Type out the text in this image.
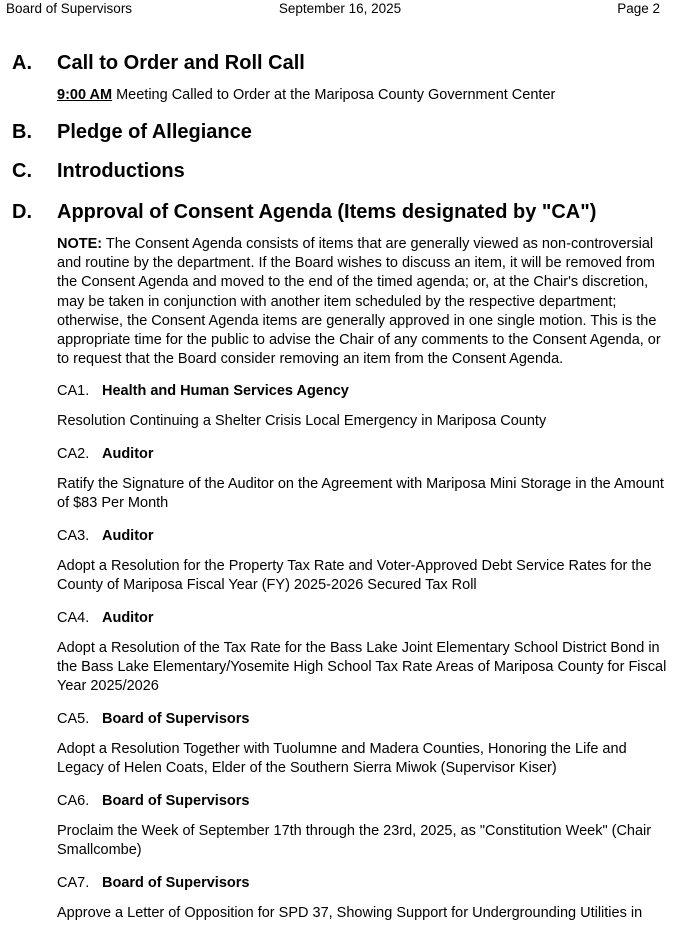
Board of Supervisors	September 16, 2025	Page 2
A. Call to Order and Roll Call
9:00 AM Meeting Called to Order at the Mariposa County Government Center
B. Pledge of Allegiance
C. Introductions
D. Approval of Consent Agenda (Items designated by "CA")
NOTE: The Consent Agenda consists of items that are generally viewed as non-controversial and routine by the department. If the Board wishes to discuss an item, it will be removed from the Consent Agenda and moved to the end of the timed agenda; or, at the Chair's discretion, may be taken in conjunction with another item scheduled by the respective department; otherwise, the Consent Agenda items are generally approved in one single motion. This is the appropriate time for the public to advise the Chair of any comments to the Consent Agenda, or to request that the Board consider removing an item from the Consent Agenda.
CA1. Health and Human Services Agency
Resolution Continuing a Shelter Crisis Local Emergency in Mariposa County
CA2. Auditor
Ratify the Signature of the Auditor on the Agreement with Mariposa Mini Storage in the Amount of $83 Per Month
CA3. Auditor
Adopt a Resolution for the Property Tax Rate and Voter-Approved Debt Service Rates for the County of Mariposa Fiscal Year (FY) 2025-2026 Secured Tax Roll
CA4. Auditor
Adopt a Resolution of the Tax Rate for the Bass Lake Joint Elementary School District Bond in the Bass Lake Elementary/Yosemite High School Tax Rate Areas of Mariposa County for Fiscal Year 2025/2026
CA5. Board of Supervisors
Adopt a Resolution Together with Tuolumne and Madera Counties, Honoring the Life and Legacy of Helen Coats, Elder of the Southern Sierra Miwok (Supervisor Kiser)
CA6. Board of Supervisors
Proclaim the Week of September 17th through the 23rd, 2025, as "Constitution Week" (Chair Smallcombe)
CA7. Board of Supervisors
Approve a Letter of Opposition for SPD 37, Showing Support for Undergrounding Utilities in
